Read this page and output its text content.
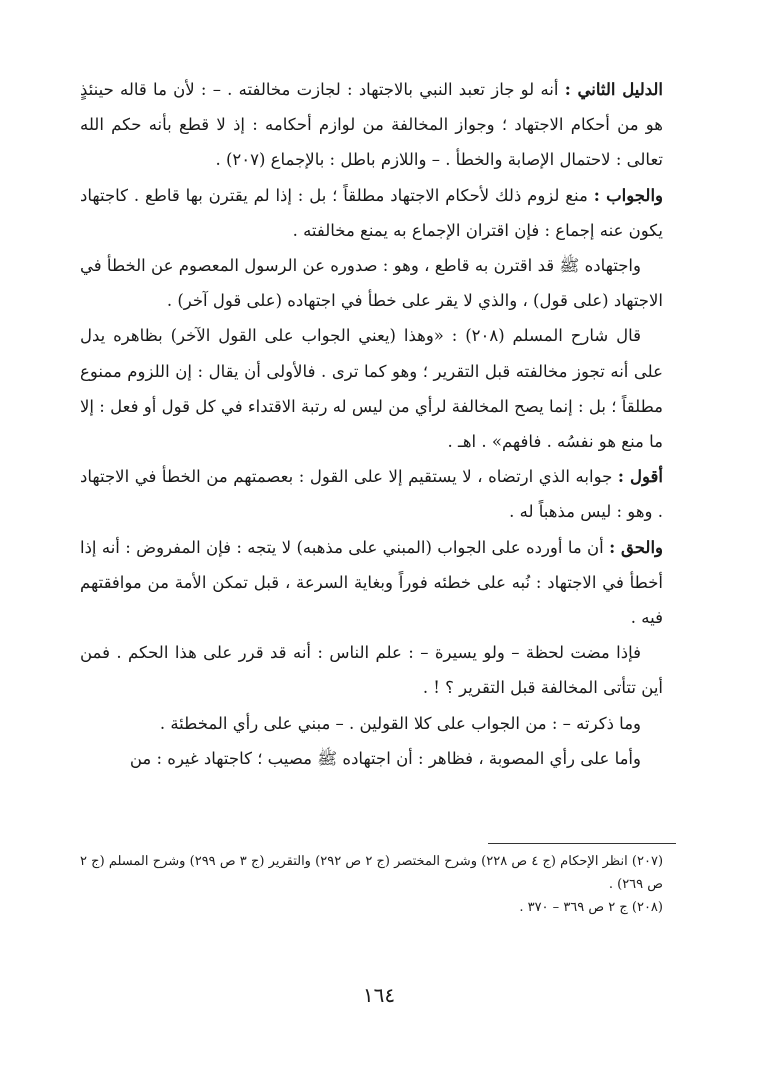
الدليل الثاني : أنه لو جاز تعبد النبي بالاجتهاد : لجازت مخالفته . – : لأن ما قاله حينئذٍ هو من أحكام الاجتهاد ؛ وجواز المخالفة من لوازم أحكامه : إذ لا قطع بأنه حكم الله تعالى : لاحتمال الإصابة والخطأ . – واللازم باطل : بالإجماع (٢٠٧) .

والجواب : منع لزوم ذلك لأحكام الاجتهاد مطلقاً ؛ بل : إذا لم يقترن بها قاطع . كاجتهاد يكون عنه إجماع : فإن اقتران الإجماع به يمنع مخالفته .

واجتهاده ﷺ قد اقترن به قاطع ، وهو : صدوره عن الرسول المعصوم عن الخطأ في الاجتهاد (على قول) ، والذي لا يقر على خطأ في اجتهاده (على قول آخر) .

قال شارح المسلم (٢٠٨) : «وهذا (يعني الجواب على القول الآخر) بظاهره يدل على أنه تجوز مخالفته قبل التقرير ؛ وهو كما ترى . فالأولى أن يقال : إن اللزوم ممنوع مطلقاً ؛ بل : إنما يصح المخالفة لرأي من ليس له رتبة الاقتداء في كل قول أو فعل : إلا ما منع هو نفسُه . فافهم» . اهـ .

أقول : جوابه الذي ارتضاه ، لا يستقيم إلا على القول : بعصمتهم من الخطأ في الاجتهاد . وهو : ليس مذهباً له .

والحق : أن ما أورده على الجواب (المبني على مذهبه) لا يتجه : فإن المفروض : أنه إذا أخطأ في الاجتهاد : نُبه على خطئه فوراً وبغاية السرعة ، قبل تمكن الأمة من موافقتهم فيه .

فإذا مضت لحظة – ولو يسيرة – : علم الناس : أنه قد قرر على هذا الحكم . فمن أين تتأتى المخالفة قبل التقرير ؟ ! .

وما ذكرته – : من الجواب على كلا القولين . – مبني على رأي المخطئة .

وأما على رأي المصوبة ، فظاهر : أن اجتهاده ﷺ مصيب ؛ كاجتهاد غيره : من

(٢٠٧) انظر الإحكام (ج ٤ ص ٢٢٨) وشرح المختصر (ج ٢ ص ٢٩٢) والتقرير (ج ٣ ص ٢٩٩) وشرح المسلم (ج ٢ ص ٢٦٩) .

(٢٠٨) ج ٢ ص ٣٦٩ – ٣٧٠ .

١٦٤
